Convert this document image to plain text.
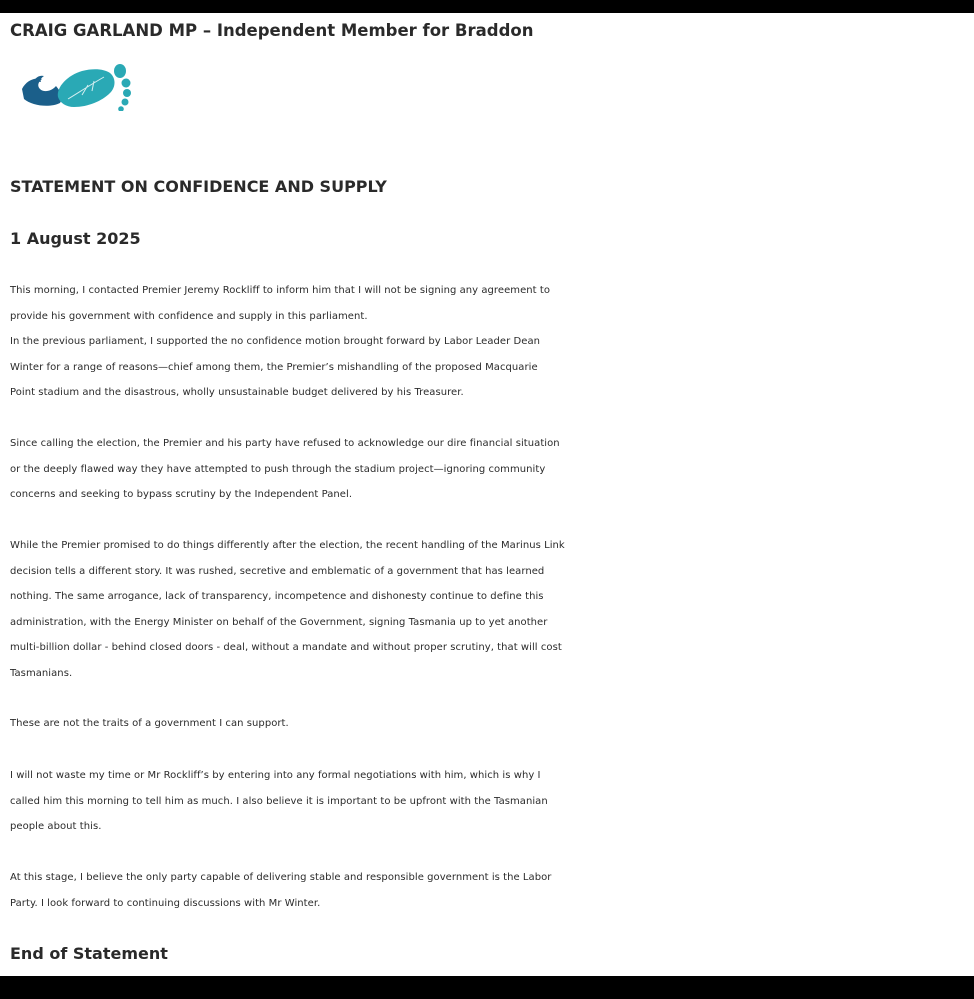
CRAIG GARLAND MP – Independent Member for Braddon
STATEMENT ON CONFIDENCE AND SUPPLY
1 August 2025
This morning, I contacted Premier Jeremy Rockliff to inform him that I will not be signing any agreement to
provide his government with confidence and supply in this parliament.
In the previous parliament, I supported the no confidence motion brought forward by Labor Leader Dean
Winter for a range of reasons—chief among them, the Premier’s mishandling of the proposed Macquarie
Point stadium and the disastrous, wholly unsustainable budget delivered by his Treasurer.
Since calling the election, the Premier and his party have refused to acknowledge our dire financial situation
or the deeply flawed way they have attempted to push through the stadium project—ignoring community
concerns and seeking to bypass scrutiny by the Independent Panel.
While the Premier promised to do things differently after the election, the recent handling of the Marinus Link
decision tells a different story. It was rushed, secretive and emblematic of a government that has learned
nothing. The same arrogance, lack of transparency, incompetence and dishonesty continue to define this
administration, with the Energy Minister on behalf of the Government, signing Tasmania up to yet another
multi-billion dollar - behind closed doors - deal, without a mandate and without proper scrutiny, that will cost
Tasmanians.
These are not the traits of a government I can support.
I will not waste my time or Mr Rockliff’s by entering into any formal negotiations with him, which is why I
called him this morning to tell him as much. I also believe it is important to be upfront with the Tasmanian
people about this.
At this stage, I believe the only party capable of delivering stable and responsible government is the Labor
Party. I look forward to continuing discussions with Mr Winter.
End of Statement
